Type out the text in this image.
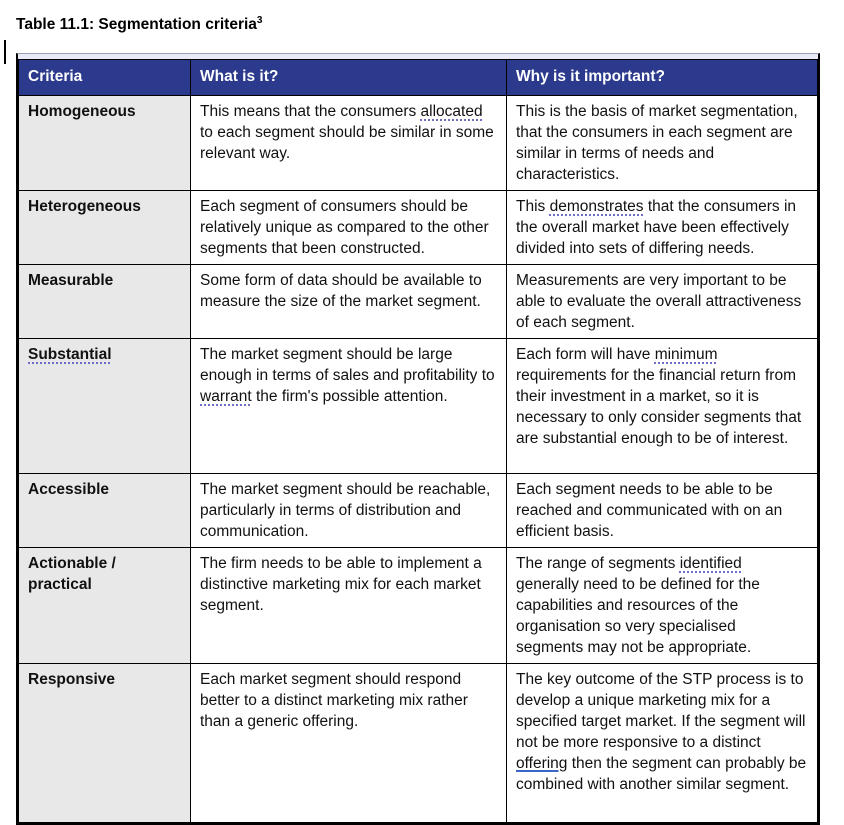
Table 11.1: Segmentation criteria$^3$
Criteria	What is it?	Why is it important?
Homogeneous	This means that the consumers allocated to each segment should be similar in some relevant way.	This is the basis of market segmentation, that the consumers in each segment are similar in terms of needs and characteristics.
Heterogeneous	Each segment of consumers should be relatively unique as compared to the other segments that been constructed.	This demonstrates that the consumers in the overall market have been effectively divided into sets of differing needs.
Measurable	Some form of data should be available to measure the size of the market segment.	Measurements are very important to be able to evaluate the overall attractiveness of each segment.
Substantial	The market segment should be large enough in terms of sales and profitability to warrant the firm's possible attention.	Each form will have minimum requirements for the financial return from their investment in a market, so it is necessary to only consider segments that are substantial enough to be of interest.
Accessible	The market segment should be reachable, particularly in terms of distribution and communication.	Each segment needs to be able to be reached and communicated with on an efficient basis.
Actionable / practical	The firm needs to be able to implement a distinctive marketing mix for each market segment.	The range of segments identified generally need to be defined for the capabilities and resources of the organisation so very specialised segments may not be appropriate.
Responsive	Each market segment should respond better to a distinct marketing mix rather than a generic offering.	The key outcome of the STP process is to develop a unique marketing mix for a specified target market. If the segment will not be more responsive to a distinct offering then the segment can probably be combined with another similar segment.
